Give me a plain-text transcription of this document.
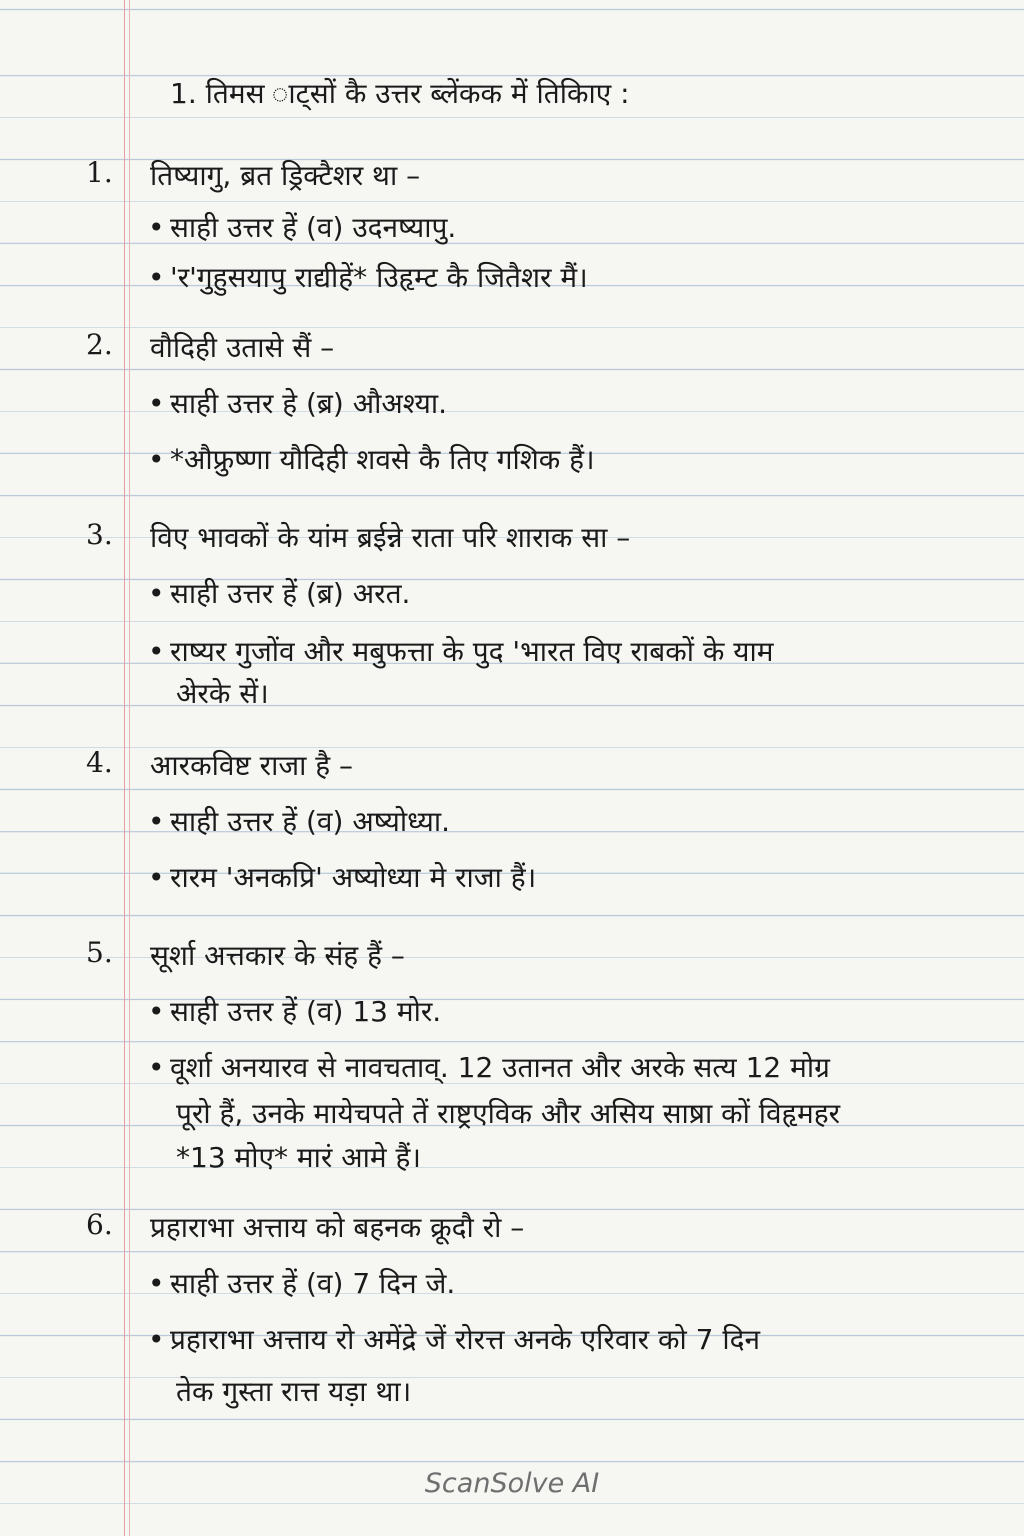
1. तिमस ाट्सों कै उत्तर ब्लेंकक में तिकिाए :
1. तिष्यागु, ब्रत ड्रिक्टैशर था –
• साही उत्तर हें (व) उदनष्यापु.
• 'र'गुहुसयापु राद्यीहें* उिहृम्ट कै जितैशर मैं।
2. वौदिही उतासे सैं –
• साही उत्तर हे (ब्र) औअश्या.
• *औफ्रुष्णा यौदिही शवसे कै तिए गशिक हैं।
3. विए भावकों के यांम ब्रईन्ने राता परि शाराक सा –
• साही उत्तर हें (ब्र) अरत.
• राष्यर गुजोंव और मबुफत्ता के पुद 'भारत विए राबकों के याम
अेरके सें।
4. आरकविष्ट राजा है –
• साही उत्तर हें (व) अष्योध्या.
• रारम 'अनकप्रि' अष्योध्या मे राजा हैं।
5. सूर्शा अत्तकार के संह हैं –
• साही उत्तर हें (व) 13 मोर.
• वूर्शा अनयारव से नावचताव्. 12 उतानत और अरके सत्य 12 मोग्र
पूरो हैं, उनके मायेचपते तें राष्ट्रएविक और असिय साष्रा कों विहृमहर
*13 मोए* मारं आमे हैं।
6. प्रहाराभा अत्ताय को बहनक क्रूदौ रो –
• साही उत्तर हें (व) 7 दिन जे.
• प्रहाराभा अत्ताय रो अमेंद्रे जें रोरत्त अनके एरिवार को 7 दिन
तेक गुस्ता रात्त यड़ा था।
ScanSolve AI
